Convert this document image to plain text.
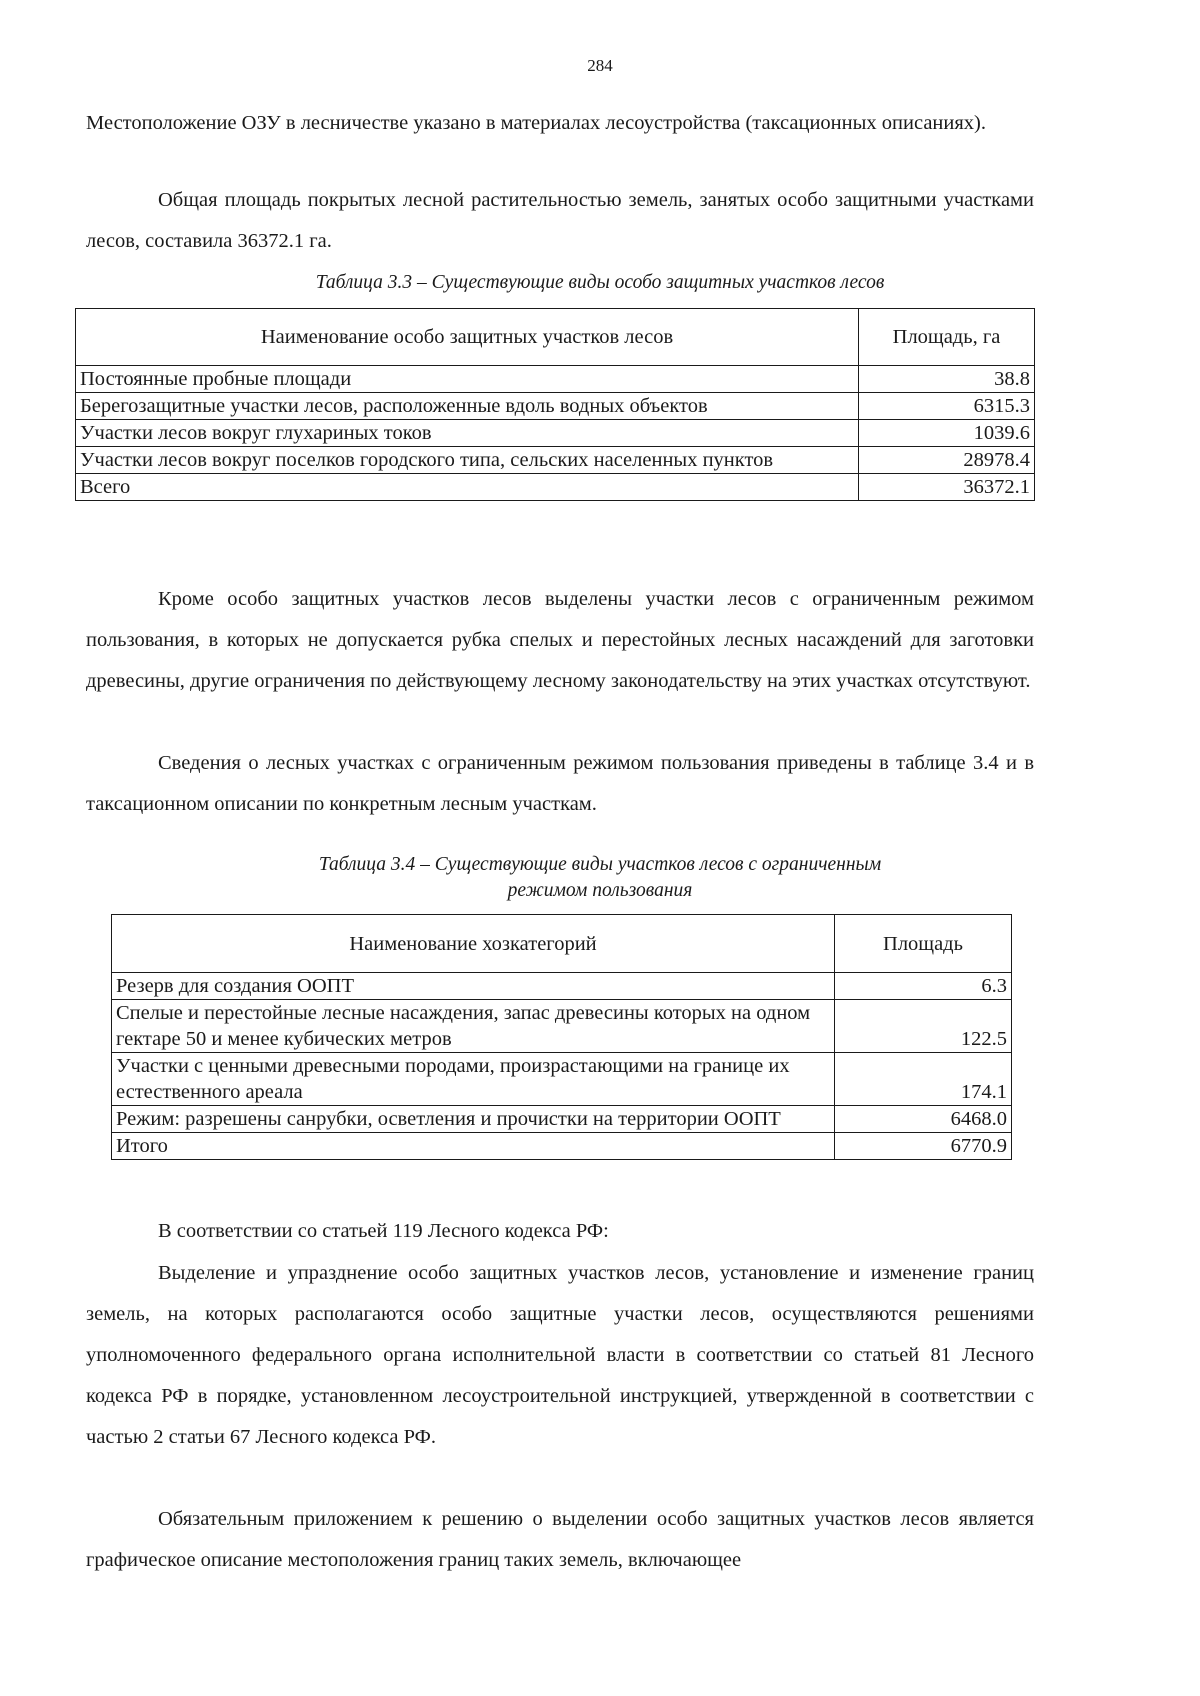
284

Местоположение ОЗУ в лесничестве указано в материалах лесоустройства (таксационных описаниях).

Общая площадь покрытых лесной растительностью земель, занятых особо защитными участками лесов, составила 36372.1 га.

Таблица 3.3 – Существующие виды особо защитных участков лесов

Наименование особо защитных участков лесов	Площадь, га
Постоянные пробные площади	38.8
Берегозащитные участки лесов, расположенные вдоль водных объектов	6315.3
Участки лесов вокруг глухариных токов	1039.6
Участки лесов вокруг поселков городского типа, сельских населенных пунктов	28978.4
Всего	36372.1

Кроме особо защитных участков лесов выделены участки лесов с ограниченным режимом пользования, в которых не допускается рубка спелых и перестойных лесных насаждений для заготовки древесины, другие ограничения по действующему лесному законодательству на этих участках отсутствуют.

Сведения о лесных участках с ограниченным режимом пользования приведены в таблице 3.4 и в таксационном описании по конкретным лесным участкам.

Таблица 3.4 – Существующие виды участков лесов с ограниченным

режимом пользования

Наименование хозкатегорий	Площадь
Резерв для создания ООПТ	6.3
Спелые и перестойные лесные насаждения, запас древесины которых на одном гектаре 50 и менее кубических метров	122.5
Участки с ценными древесными породами, произрастающими на границе их естественного ареала	174.1
Режим: разрешены санрубки, осветления и прочистки на территории ООПТ	6468.0
Итого	6770.9

В соответствии со статьей 119 Лесного кодекса РФ:

Выделение и упразднение особо защитных участков лесов, установление и изменение границ земель, на которых располагаются особо защитные участки лесов, осуществляются решениями уполномоченного федерального органа исполнительной власти в соответствии со статьей 81 Лесного кодекса РФ в порядке, установленном лесоустроительной инструкцией, утвержденной в соответствии с частью 2 статьи 67 Лесного кодекса РФ.

Обязательным приложением к решению о выделении особо защитных участков лесов является графическое описание местоположения границ таких земель, включающее
